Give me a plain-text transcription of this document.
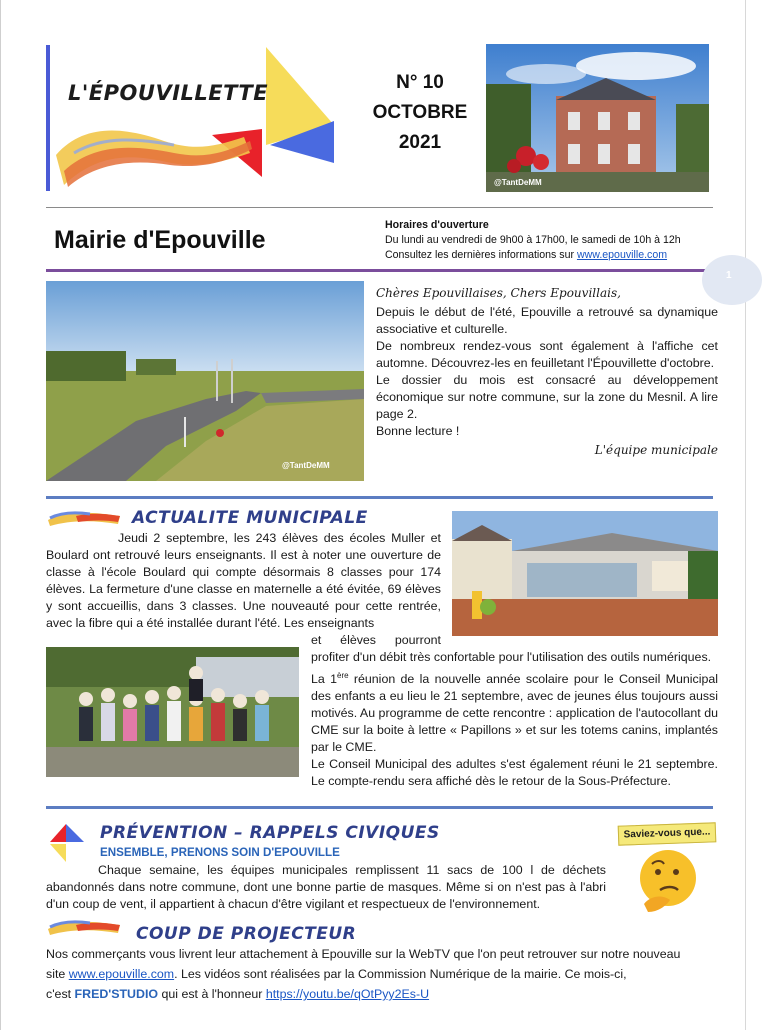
L'ÉPOUVILLETTE	N° 10
OCTOBRE
2021
@TantDeMM
Mairie d'Epouville
Horaires d'ouverture
Du lundi au vendredi de 9h00 à 17h00, le samedi de 10h à 12h
Consultez les dernières informations sur www.epouville.com
1
@TantDeMM

Chères Epouvillaises, Chers Epouvillais,

Depuis le début de l'été, Epouville a retrouvé sa dynamique associative et culturelle.

De nombreux rendez-vous sont également à l'affiche cet automne. Découvrez-les en feuilletant l'Épouvillette d'octobre.

Le dossier du mois est consacré au développement économique sur notre commune, sur la zone du Mesnil. A lire page 2.

Bonne lecture !

L'équipe municipale

ACTUALITE MUNICIPALE

Jeudi 2 septembre, les 243 élèves des écoles Muller et Boulard ont retrouvé leurs enseignants. Il est à noter une ouverture de classe à l'école Boulard qui compte désormais 8 classes pour 174 élèves. La fermeture d'une classe en maternelle a été évitée, 69 élèves y sont accueillis, dans 3 classes. Une nouveauté pour cette rentrée, avec la fibre qui a été installée durant l'été. Les enseignants

et élèves pourront

profiter d'un débit très confortable pour l'utilisation des outils numériques.

La 1ère réunion de la nouvelle année scolaire pour le Conseil Municipal des enfants a eu lieu le 21 septembre, avec de jeunes élus toujours aussi motivés. Au programme de cette rencontre : application de l'autocollant du CME sur la boite à lettre « Papillons » et sur les totems canins, implantés par le CME.

Le Conseil Municipal des adultes s'est également réuni le 21 septembre. Le compte-rendu sera affiché dès le retour de la Sous-Préfecture.

PRÉVENTION – RAPPELS CIVIQUES
ENSEMBLE, PRENONS SOIN D'EPOUVILLE

Chaque semaine, les équipes municipales remplissent 11 sacs de 100 l de déchets abandonnés dans notre commune, dont une bonne partie de masques. Même si on n'est pas à l'abri d'un coup de vent, il appartient à chacun d'être vigilant et respectueux de l'environnement.

Saviez-vous que...
COUP DE PROJECTEUR

Nos commerçants vous livrent leur attachement à Epouville sur la WebTV que l'on peut retrouver sur notre nouveau

site www.epouville.com. Les vidéos sont réalisées par la Commission Numérique de la mairie. Ce mois-ci,

c'est FRED'STUDIO qui est à l'honneur https://youtu.be/qOtPyy2Es-U
